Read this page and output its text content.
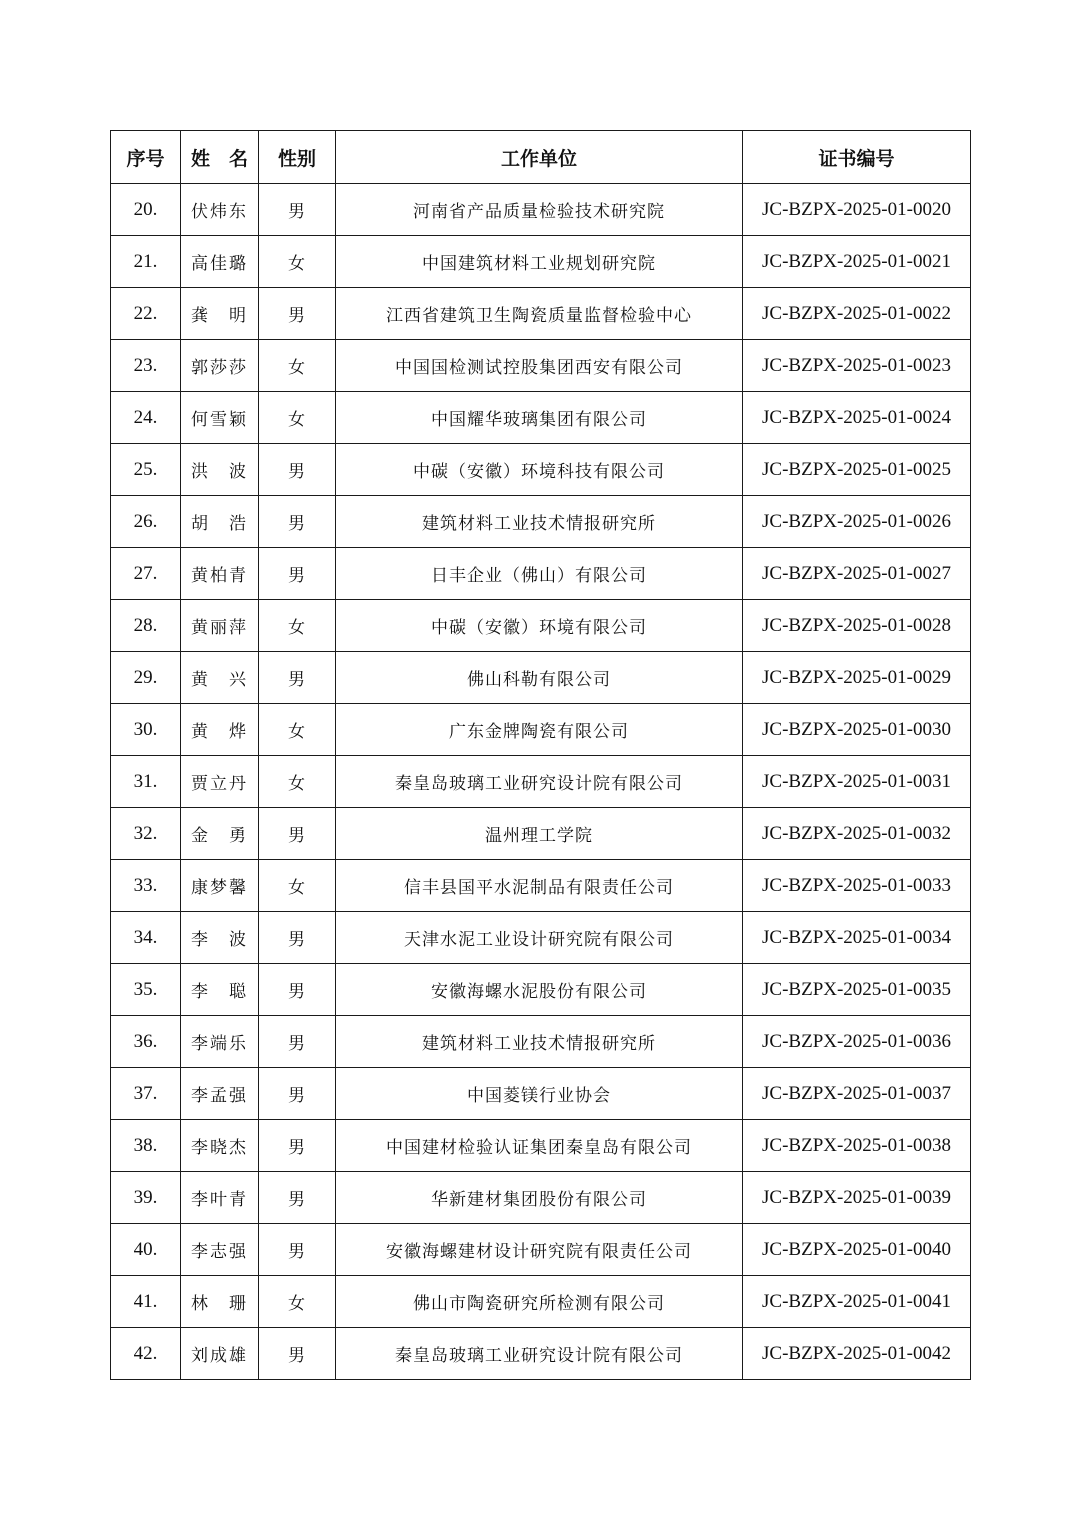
序号	姓　名	性别	工作单位	证书编号
20.	伏炜东	男	河南省产品质量检验技术研究院	JC-BZPX-2025-01-0020
21.	高佳璐	女	中国建筑材料工业规划研究院	JC-BZPX-2025-01-0021
22.	龚　明	男	江西省建筑卫生陶瓷质量监督检验中心	JC-BZPX-2025-01-0022
23.	郭莎莎	女	中国国检测试控股集团西安有限公司	JC-BZPX-2025-01-0023
24.	何雪颖	女	中国耀华玻璃集团有限公司	JC-BZPX-2025-01-0024
25.	洪　波	男	中碳（安徽）环境科技有限公司	JC-BZPX-2025-01-0025
26.	胡　浩	男	建筑材料工业技术情报研究所	JC-BZPX-2025-01-0026
27.	黄柏青	男	日丰企业（佛山）有限公司	JC-BZPX-2025-01-0027
28.	黄丽萍	女	中碳（安徽）环境有限公司	JC-BZPX-2025-01-0028
29.	黄　兴	男	佛山科勒有限公司	JC-BZPX-2025-01-0029
30.	黄　烨	女	广东金牌陶瓷有限公司	JC-BZPX-2025-01-0030
31.	贾立丹	女	秦皇岛玻璃工业研究设计院有限公司	JC-BZPX-2025-01-0031
32.	金　勇	男	温州理工学院	JC-BZPX-2025-01-0032
33.	康梦馨	女	信丰县国平水泥制品有限责任公司	JC-BZPX-2025-01-0033
34.	李　波	男	天津水泥工业设计研究院有限公司	JC-BZPX-2025-01-0034
35.	李　聪	男	安徽海螺水泥股份有限公司	JC-BZPX-2025-01-0035
36.	李端乐	男	建筑材料工业技术情报研究所	JC-BZPX-2025-01-0036
37.	李孟强	男	中国菱镁行业协会	JC-BZPX-2025-01-0037
38.	李晓杰	男	中国建材检验认证集团秦皇岛有限公司	JC-BZPX-2025-01-0038
39.	李叶青	男	华新建材集团股份有限公司	JC-BZPX-2025-01-0039
40.	李志强	男	安徽海螺建材设计研究院有限责任公司	JC-BZPX-2025-01-0040
41.	林　珊	女	佛山市陶瓷研究所检测有限公司	JC-BZPX-2025-01-0041
42.	刘成雄	男	秦皇岛玻璃工业研究设计院有限公司	JC-BZPX-2025-01-0042
